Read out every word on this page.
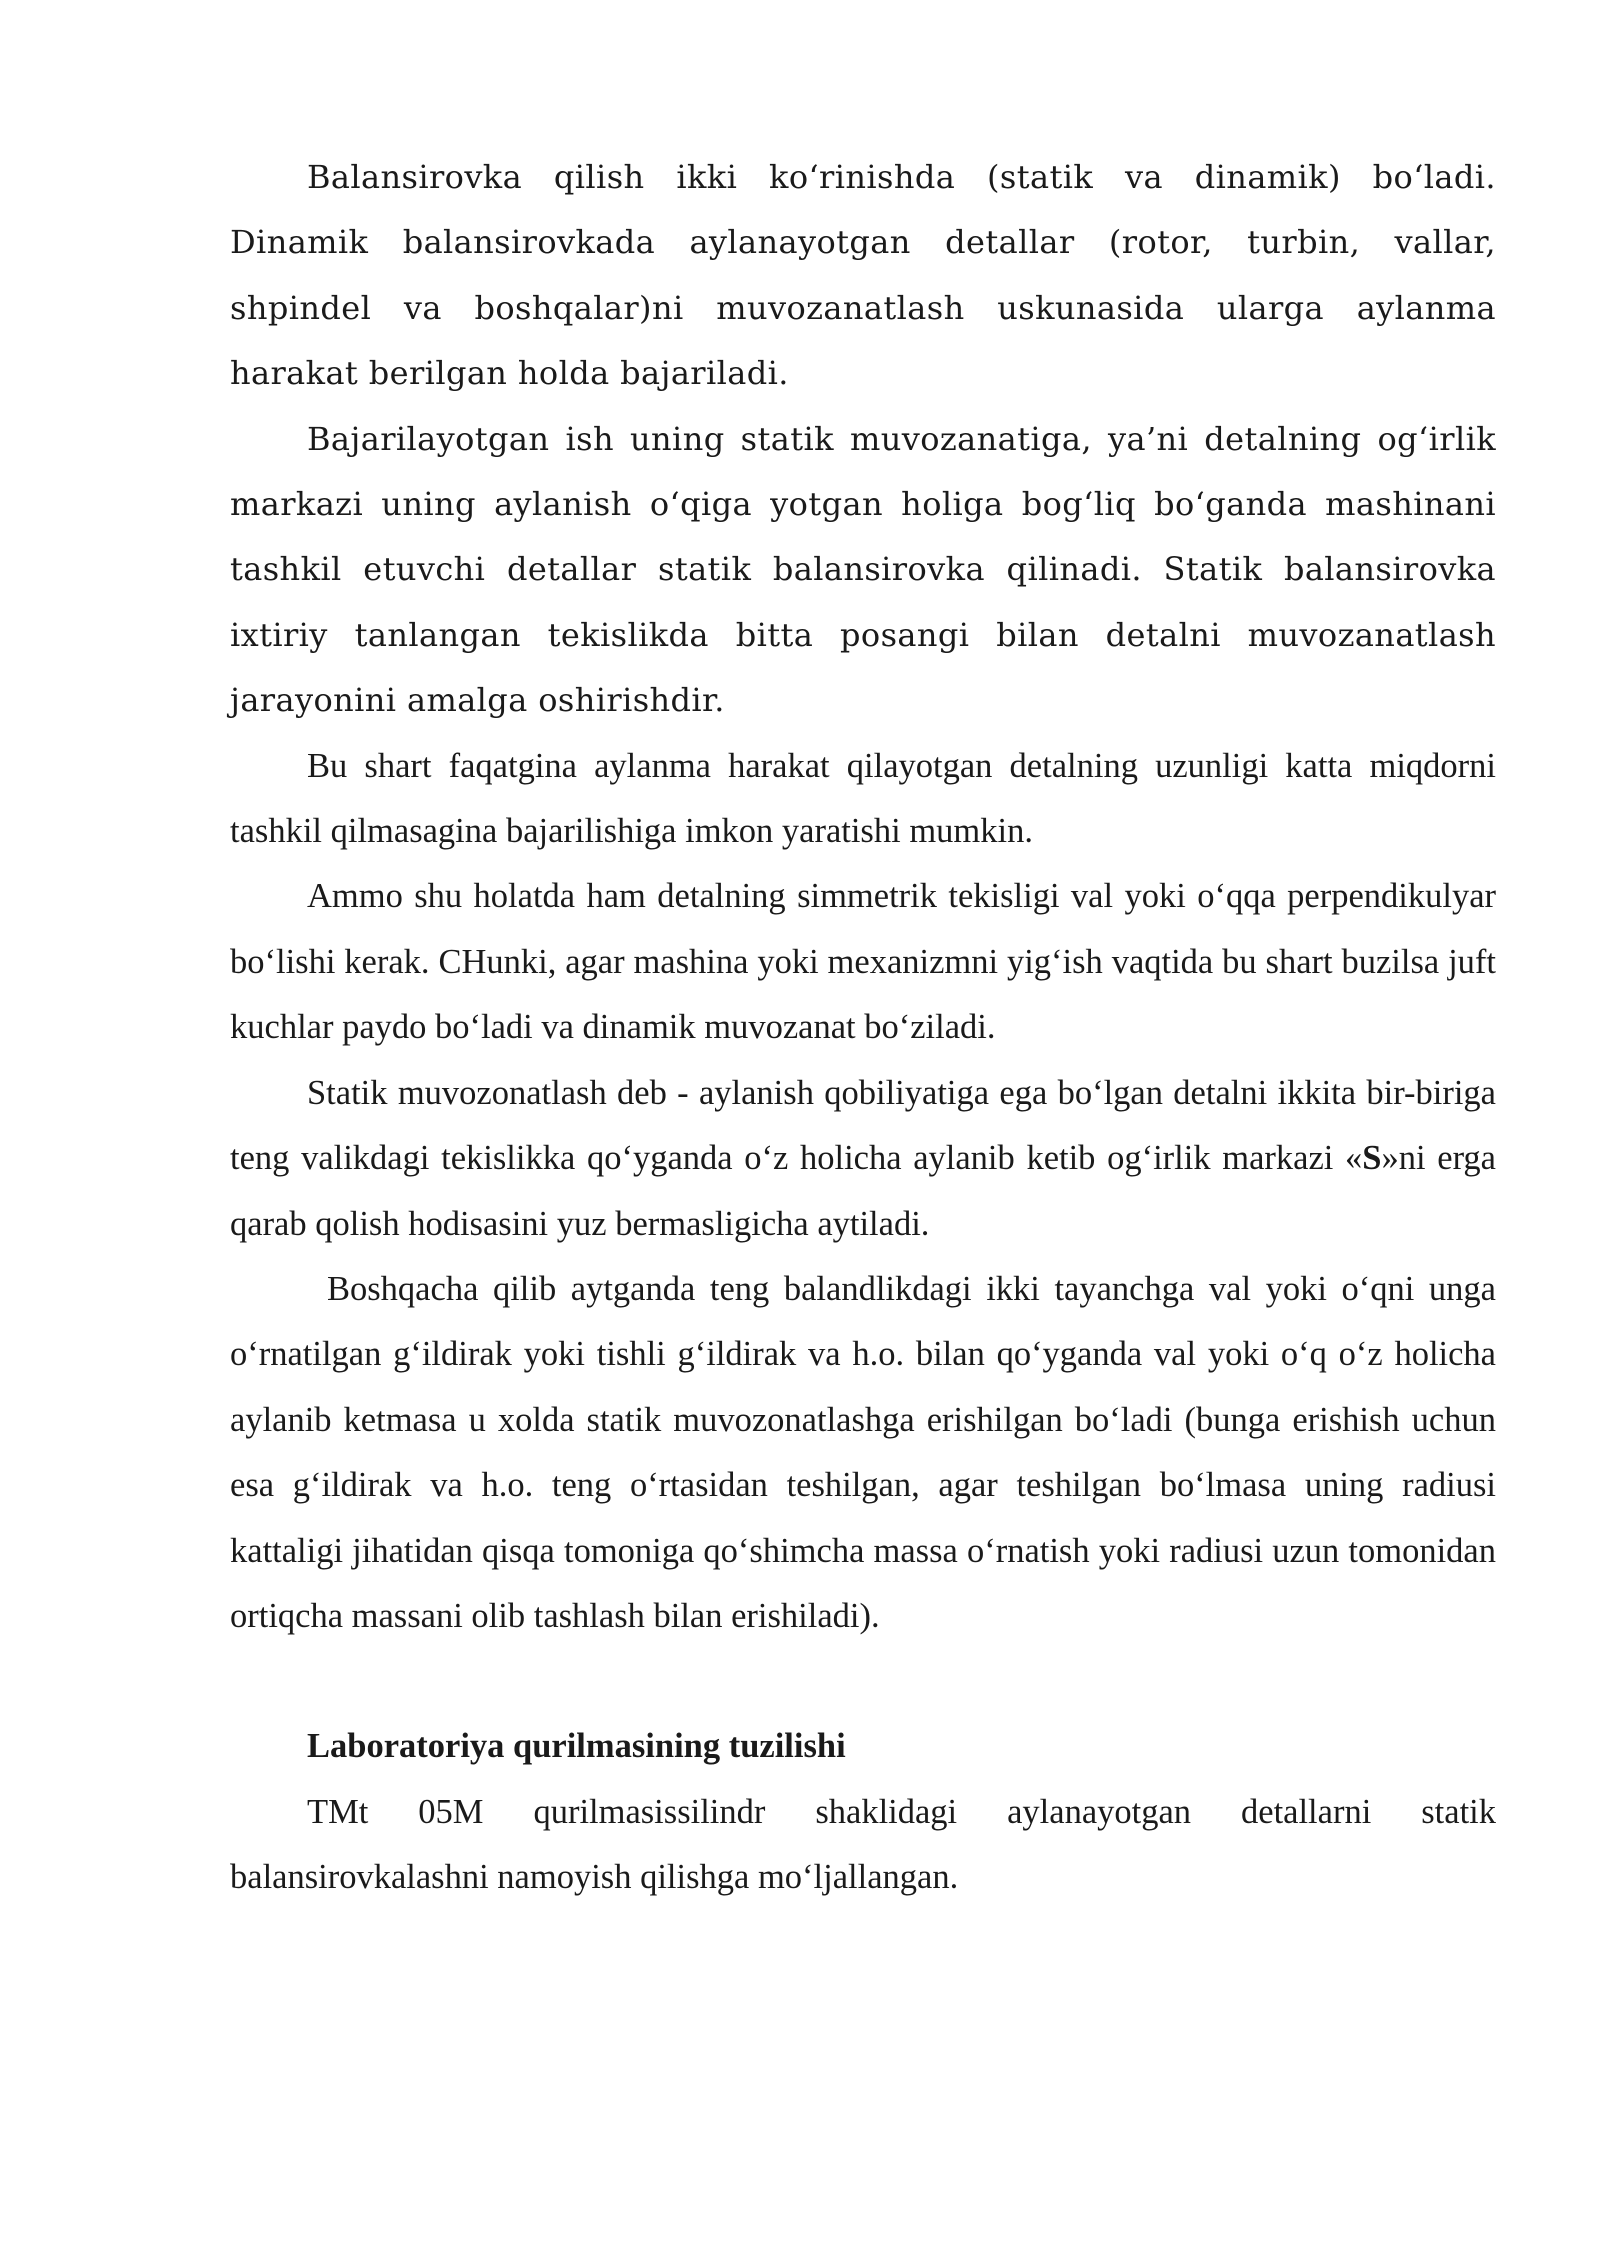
Balansirovka qilish ikki ko‘rinishda (statik va dinamik) bo‘ladi. Dinamik balansirovkada aylanayotgan detallar (rotor, turbin, vallar, shpindel va boshqalar)ni muvozanatlash uskunasida ularga aylanma harakat berilgan holda bajariladi.

Bajarilayotgan ish uning statik muvozanatiga, ya’ni detalning og‘irlik markazi uning aylanish o‘qiga yotgan holiga bog‘liq bo‘ganda mashinani tashkil etuvchi detallar statik balansirovka qilinadi. Statik balansirovka ixtiriy tanlangan tekislikda bitta posangi bilan detalni muvozanatlash jarayonini amalga oshirishdir.

Bu shart faqatgina aylanma harakat qilayotgan detalning uzunligi katta miqdorni tashkil qilmasagina bajarilishiga imkon yaratishi mumkin.

Ammo shu holatda ham detalning simmetrik tekisligi val yoki o‘qqa perpendikulyar bo‘lishi kerak. CHunki, agar mashina yoki mexanizmni yig‘ish vaqtida bu shart buzilsa juft kuchlar paydo bo‘ladi va dinamik muvozanat bo‘ziladi.

Statik muvozonatlash deb - aylanish qobiliyatiga ega bo‘lgan detalni ikkita bir-biriga teng valikdagi tekislikka qo‘yganda o‘z holicha aylanib ketib og‘irlik markazi «S»ni erga qarab qolish hodisasini yuz bermasligicha aytiladi.

Boshqacha qilib aytganda teng balandlikdagi ikki tayanchga val yoki o‘qni unga o‘rnatilgan g‘ildirak yoki tishli g‘ildirak va h.o. bilan qo‘yganda val yoki o‘q o‘z holicha aylanib ketmasa u xolda statik muvozonatlashga erishilgan bo‘ladi (bunga erishish uchun esa g‘ildirak va h.o. teng o‘rtasidan teshilgan, agar teshilgan bo‘lmasa uning radiusi kattaligi jihatidan qisqa tomoniga qo‘shimcha massa o‘rnatish yoki radiusi uzun tomonidan ortiqcha massani olib tashlash bilan erishiladi).

Laboratoriya qurilmasining tuzilishi

TMt 05M qurilmasissilindr shaklidagi aylanayotgan detallarni statik balansirovkalashni namoyish qilishga mo‘ljallangan.
